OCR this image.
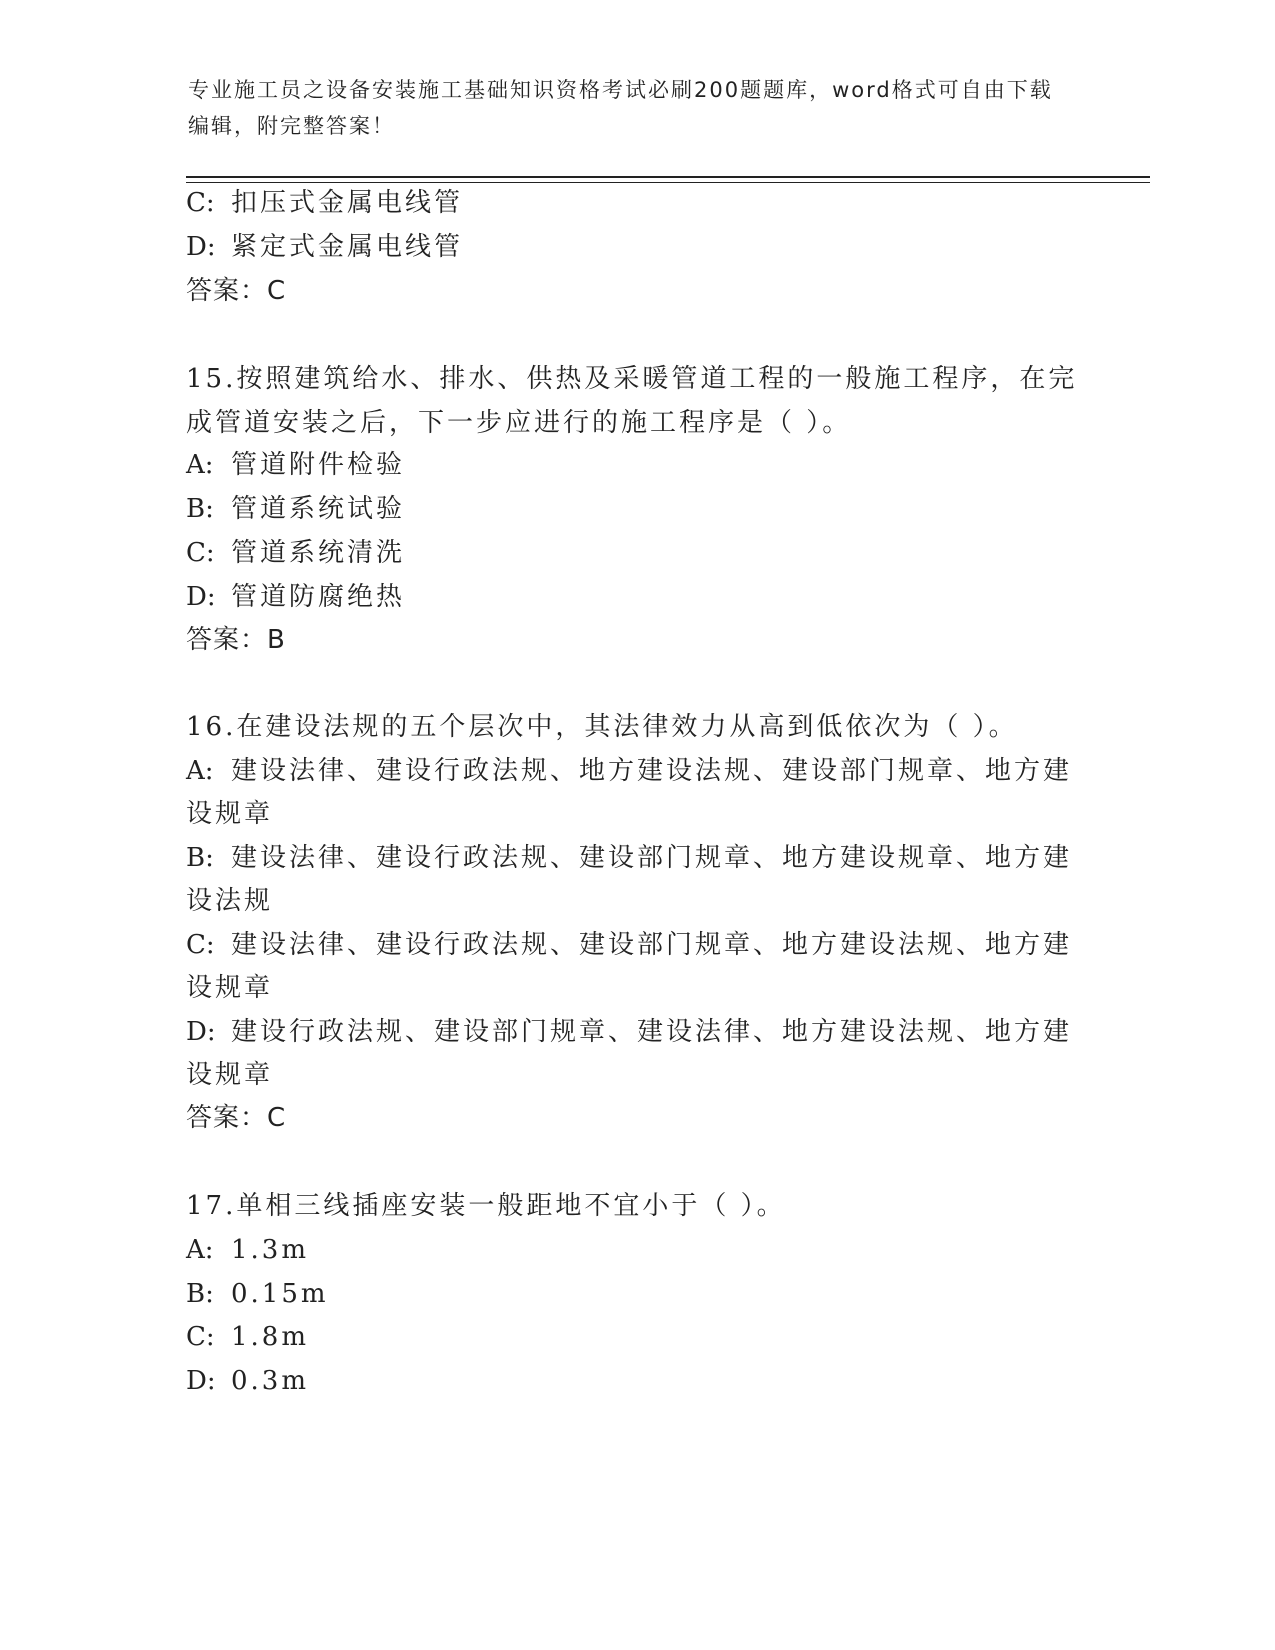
专业施工员之设备安装施工基础知识资格考试必刷200题题库，word格式可自由下载编辑，附完整答案！
C: 扣压式金属电线管
D: 紧定式金属电线管
答案：C
15.按照建筑给水、排水、供热及采暖管道工程的一般施工程序，在完
成管道安装之后，下一步应进行的施工程序是（ ）。
A: 管道附件检验
B: 管道系统试验
C: 管道系统清洗
D: 管道防腐绝热
答案：B
16.在建设法规的五个层次中，其法律效力从高到低依次为（ ）。
A: 建设法律、建设行政法规、地方建设法规、建设部门规章、地方建
设规章
B: 建设法律、建设行政法规、建设部门规章、地方建设规章、地方建
设法规
C: 建设法律、建设行政法规、建设部门规章、地方建设法规、地方建
设规章
D: 建设行政法规、建设部门规章、建设法律、地方建设法规、地方建
设规章
答案：C
17.单相三线插座安装一般距地不宜小于（ ）。
A: 1.3m
B: 0.15m
C: 1.8m
D: 0.3m
